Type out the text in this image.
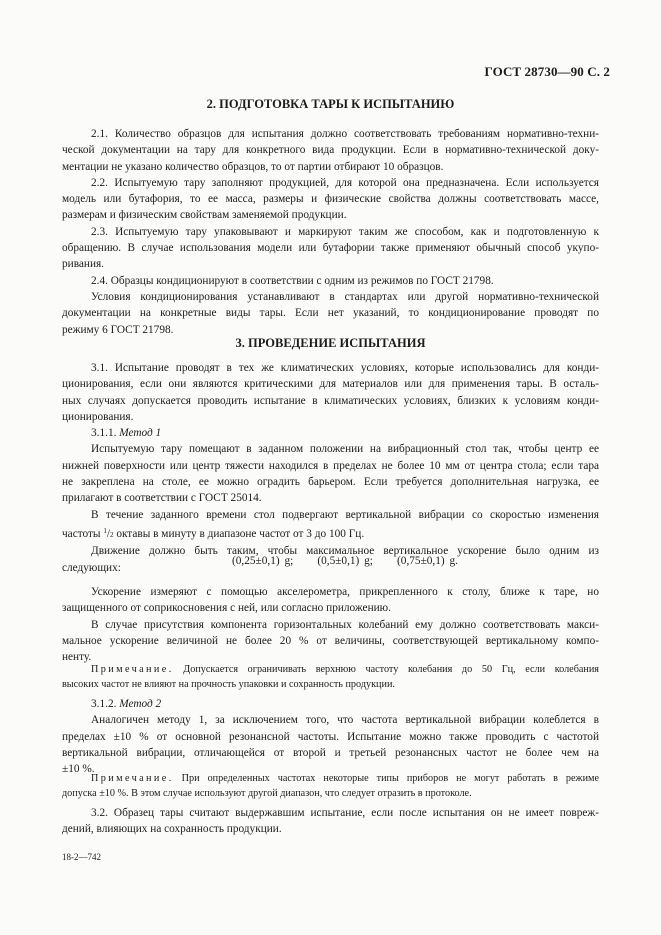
ГОСТ 28730—90 С. 2
2. ПОДГОТОВКА ТАРЫ К ИСПЫТАНИЮ
2.1. Количество образцов для испытания должно соответствовать требованиям нормативно-техни-
ческой документации на тару для конкретного вида продукции. Если в нормативно-технической доку-
ментации не указано количество образцов, то от партии отбирают 10 образцов.
2.2. Испытуемую тару заполняют продукцией, для которой она предназначена. Если используется
модель или бутафория, то ее масса, размеры и физические свойства должны соответствовать массе,
размерам и физическим свойствам заменяемой продукции.
2.3. Испытуемую тару упаковывают и маркируют таким же способом, как и подготовленную к
обращению. В случае использования модели или бутафории также применяют обычный способ укупо-
ривания.
2.4. Образцы кондиционируют в соответствии с одним из режимов по ГОСТ 21798.
Условия кондиционирования устанавливают в стандартах или другой нормативно-технической
документации на конкретные виды тары. Если нет указаний, то кондиционирование проводят по
режиму 6 ГОСТ 21798.
3. ПРОВЕДЕНИЕ ИСПЫТАНИЯ
3.1. Испытание проводят в тех же климатических условиях, которые использовались для конди-
ционирования, если они являются критическими для материалов или для применения тары. В осталь-
ных случаях допускается проводить испытание в климатических условиях, близких к условиям конди-
ционирования.
3.1.1. Метод 1
Испытуемую тару помещают в заданном положении на вибрационный стол так, чтобы центр ее
нижней поверхности или центр тяжести находился в пределах не более 10 мм от центра стола; если тара
не закреплена на столе, ее можно оградить барьером. Если требуется дополнительная нагрузка, ее
прилагают в соответствии с ГОСТ 25014.
В течение заданного времени стол подвергают вертикальной вибрации со скоростью изменения
частоты $^1$/2 октавы в минуту в диапазоне частот от 3 до 100 Гц.
Движение должно быть таким, чтобы максимальное вертикальное ускорение было одним из
следующих:
(0,25±0,1) g;     (0,5±0,1) g;     (0,75±0,1) g.
Ускорение измеряют с помощью акселерометра, прикрепленного к столу, ближе к таре, но
защищенного от соприкосновения с ней, или согласно приложению.
В случае присутствия компонента горизонтальных колебаний ему должно соответствовать макси-
мальное ускорение величиной не более 20 % от величины, соответствующей вертикальному компо-
ненту.
Примечание. Допускается ограничивать верхнюю частоту колебания до 50 Гц, если колебания
высоких частот не влияют на прочность упаковки и сохранность продукции.
3.1.2. Метод 2
Аналогичен методу 1, за исключением того, что частота вертикальной вибрации колеблется в
пределах ±10 % от основной резонансной частоты. Испытание можно также проводить с частотой
вертикальной вибрации, отличающейся от второй и третьей резонансных частот не более чем на
±10 %.
Примечание. При определенных частотах некоторые типы приборов не могут работать в режиме
допуска ±10 %. В этом случае используют другой диапазон, что следует отразить в протоколе.
3.2. Образец тары считают выдержавшим испытание, если после испытания он не имеет повреж-
дений, влияющих на сохранность продукции.
18-2—742
